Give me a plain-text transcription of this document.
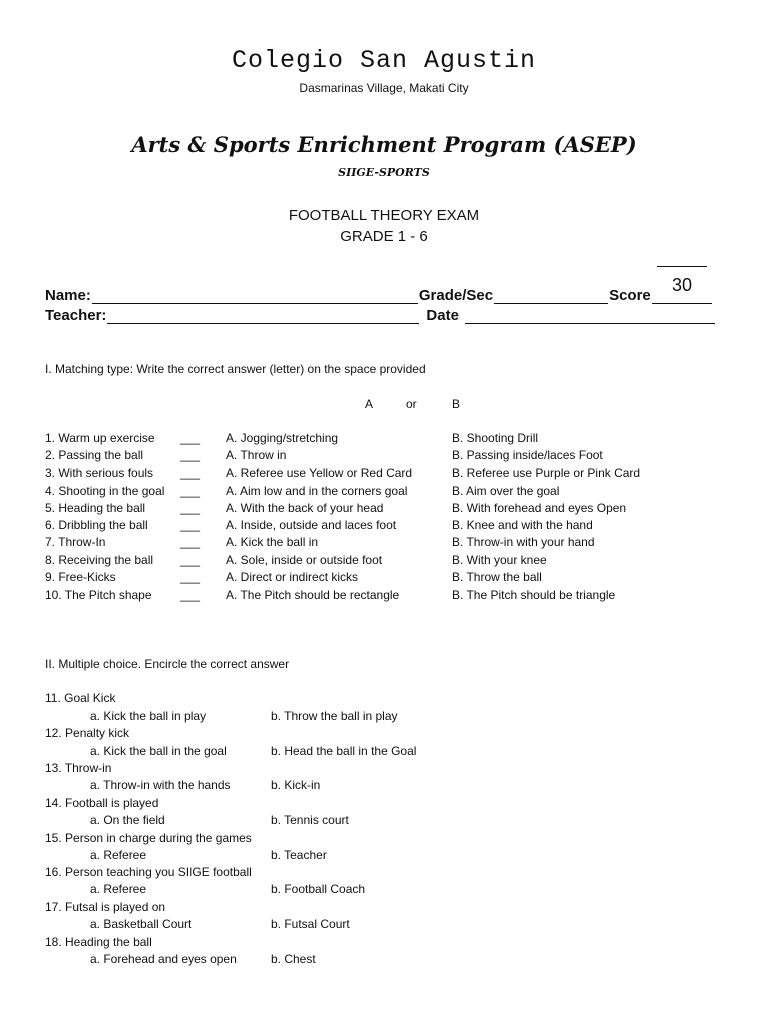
Colegio San Agustin
Dasmarinas Village, Makati City
Arts & Sports Enrichment Program (ASEP)
SIIGE-SPORTS
FOOTBALL THEORY EXAM
GRADE 1 - 6
30
Name:	Grade/Sec	Score
Teacher:	Date
I. Matching type: Write the correct answer (letter) on the space provided
A	or	B
1. Warm up exercise ___ A. Jogging/stretching	B. Shooting Drill
2. Passing the ball	___ A. Throw in	B. Passing inside/laces Foot
3. With serious fouls ___ A. Referee use Yellow or Red Card	B. Referee use Purple or Pink Card
4. Shooting in the goal ___ A. Aim low and in the corners goal	B. Aim over the goal
5. Heading the ball	___ A. With the back of your head	B. With forehead and eyes Open
6. Dribbling the ball	___ A. Inside, outside and laces foot	B. Knee and with the hand
7. Throw-In	___ A. Kick the ball in	B. Throw-in with your hand
8. Receiving the ball ___ A. Sole, inside or outside foot	B. With your knee
9. Free-Kicks	___ A. Direct or indirect kicks	B. Throw the ball
10. The Pitch shape ___ A. The Pitch should be rectangle	B. The Pitch should be triangle
II. Multiple choice. Encircle the correct answer
11. Goal Kick
a. Kick the ball in play	b. Throw the ball in play
12. Penalty kick
a. Kick the ball in the goal	b. Head the ball in the Goal
13. Throw-in
a. Throw-in with the hands	b. Kick-in
14. Football is played
a. On the field	b. Tennis court
15. Person in charge during the games
a. Referee	b. Teacher
16. Person teaching you SIIGE football
a. Referee	b. Football Coach
17. Futsal is played on
a. Basketball Court	b. Futsal Court
18. Heading the ball
a. Forehead and eyes open	b. Chest
